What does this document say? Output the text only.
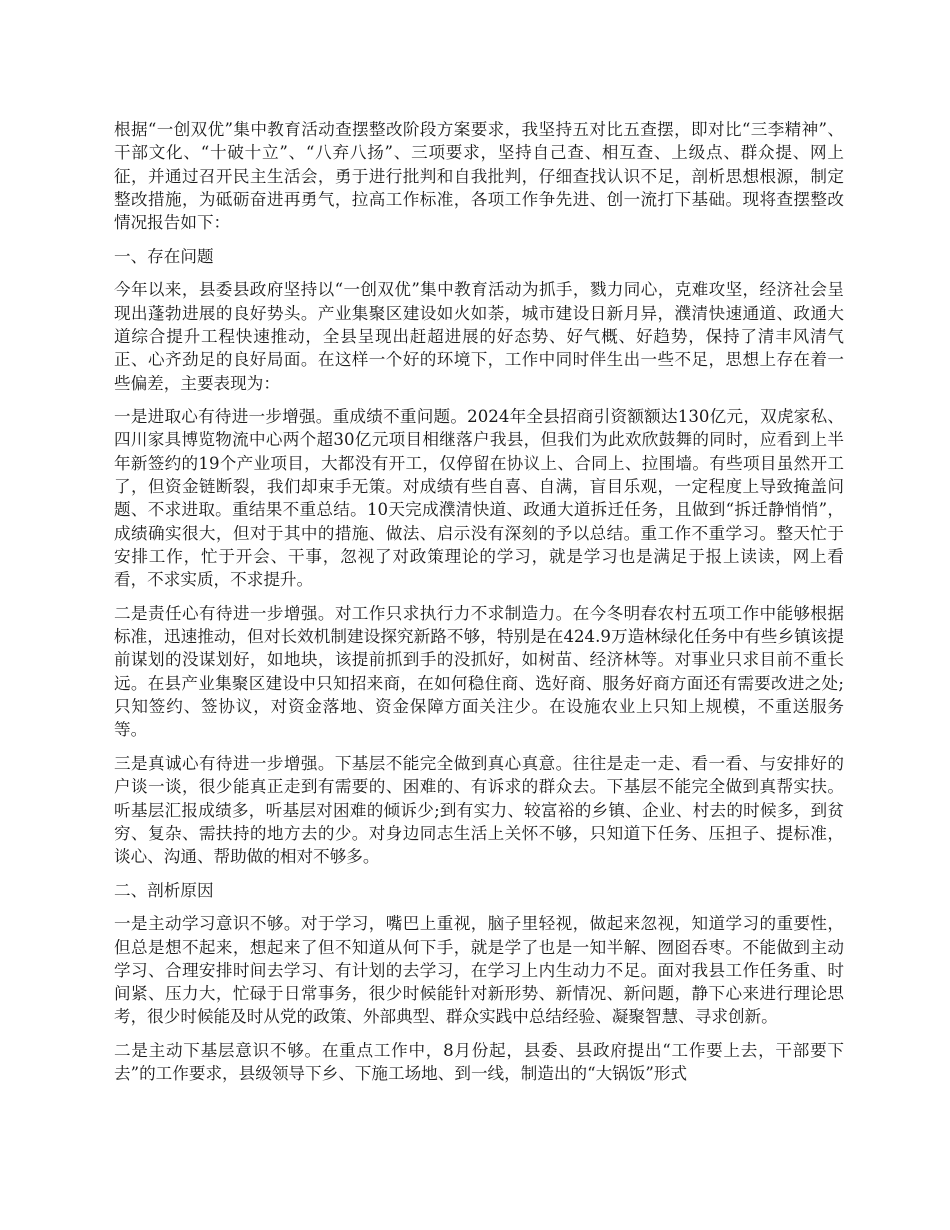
根据“一创双优”集中教育活动查摆整改阶段方案要求，我坚持五对比五查摆，即对比“三李精神”、干部文化、“十破十立”、“八弃八扬”、三项要求，坚持自己查、相互查、上级点、群众提、网上征，并通过召开民主生活会，勇于进行批判和自我批判，仔细查找认识不足，剖析思想根源，制定整改措施，为砥砺奋进再勇气，拉高工作标准，各项工作争先进、创一流打下基础。现将查摆整改情况报告如下：

一、存在问题

今年以来，县委县政府坚持以“一创双优”集中教育活动为抓手，戮力同心，克难攻坚，经济社会呈现出蓬勃进展的良好势头。产业集聚区建设如火如荼，城市建设日新月异，濮清快速通道、政通大道综合提升工程快速推动，全县呈现出赶超进展的好态势、好气概、好趋势，保持了清丰风清气正、心齐劲足的良好局面。在这样一个好的环境下，工作中同时伴生出一些不足，思想上存在着一些偏差，主要表现为：

一是进取心有待进一步增强。重成绩不重问题。2024年全县招商引资额额达130亿元，双虎家私、四川家具博览物流中心两个超30亿元项目相继落户我县，但我们为此欢欣鼓舞的同时，应看到上半年新签约的19个产业项目，大都没有开工，仅停留在协议上、合同上、拉围墙。有些项目虽然开工了，但资金链断裂，我们却束手无策。对成绩有些自喜、自满，盲目乐观，一定程度上导致掩盖问题、不求进取。重结果不重总结。10天完成濮清快道、政通大道拆迁任务，且做到“拆迁静悄悄”，成绩确实很大，但对于其中的措施、做法、启示没有深刻的予以总结。重工作不重学习。整天忙于安排工作，忙于开会、干事，忽视了对政策理论的学习，就是学习也是满足于报上读读，网上看看，不求实质，不求提升。

二是责任心有待进一步增强。对工作只求执行力不求制造力。在今冬明春农村五项工作中能够根据标准，迅速推动，但对长效机制建设探究新路不够，特别是在424.9万造林绿化任务中有些乡镇该提前谋划的没谋划好，如地块，该提前抓到手的没抓好，如树苗、经济林等。对事业只求目前不重长远。在县产业集聚区建设中只知招来商，在如何稳住商、选好商、服务好商方面还有需要改进之处;只知签约、签协议，对资金落地、资金保障方面关注少。在设施农业上只知上规模，不重送服务等。

三是真诚心有待进一步增强。下基层不能完全做到真心真意。往往是走一走、看一看、与安排好的户谈一谈，很少能真正走到有需要的、困难的、有诉求的群众去。下基层不能完全做到真帮实扶。听基层汇报成绩多，听基层对困难的倾诉少;到有实力、较富裕的乡镇、企业、村去的时候多，到贫穷、复杂、需扶持的地方去的少。对身边同志生活上关怀不够，只知道下任务、压担子、提标准，谈心、沟通、帮助做的相对不够多。

二、剖析原因

一是主动学习意识不够。对于学习，嘴巴上重视，脑子里轻视，做起来忽视，知道学习的重要性，但总是想不起来，想起来了但不知道从何下手，就是学了也是一知半解、囫囵吞枣。不能做到主动学习、合理安排时间去学习、有计划的去学习，在学习上内生动力不足。面对我县工作任务重、时间紧、压力大，忙碌于日常事务，很少时候能针对新形势、新情况、新问题，静下心来进行理论思考，很少时候能及时从党的政策、外部典型、群众实践中总结经验、凝聚智慧、寻求创新。

二是主动下基层意识不够。在重点工作中，8月份起，县委、县政府提出“工作要上去，干部要下去”的工作要求，县级领导下乡、下施工场地、到一线，制造出的“大锅饭”形式
